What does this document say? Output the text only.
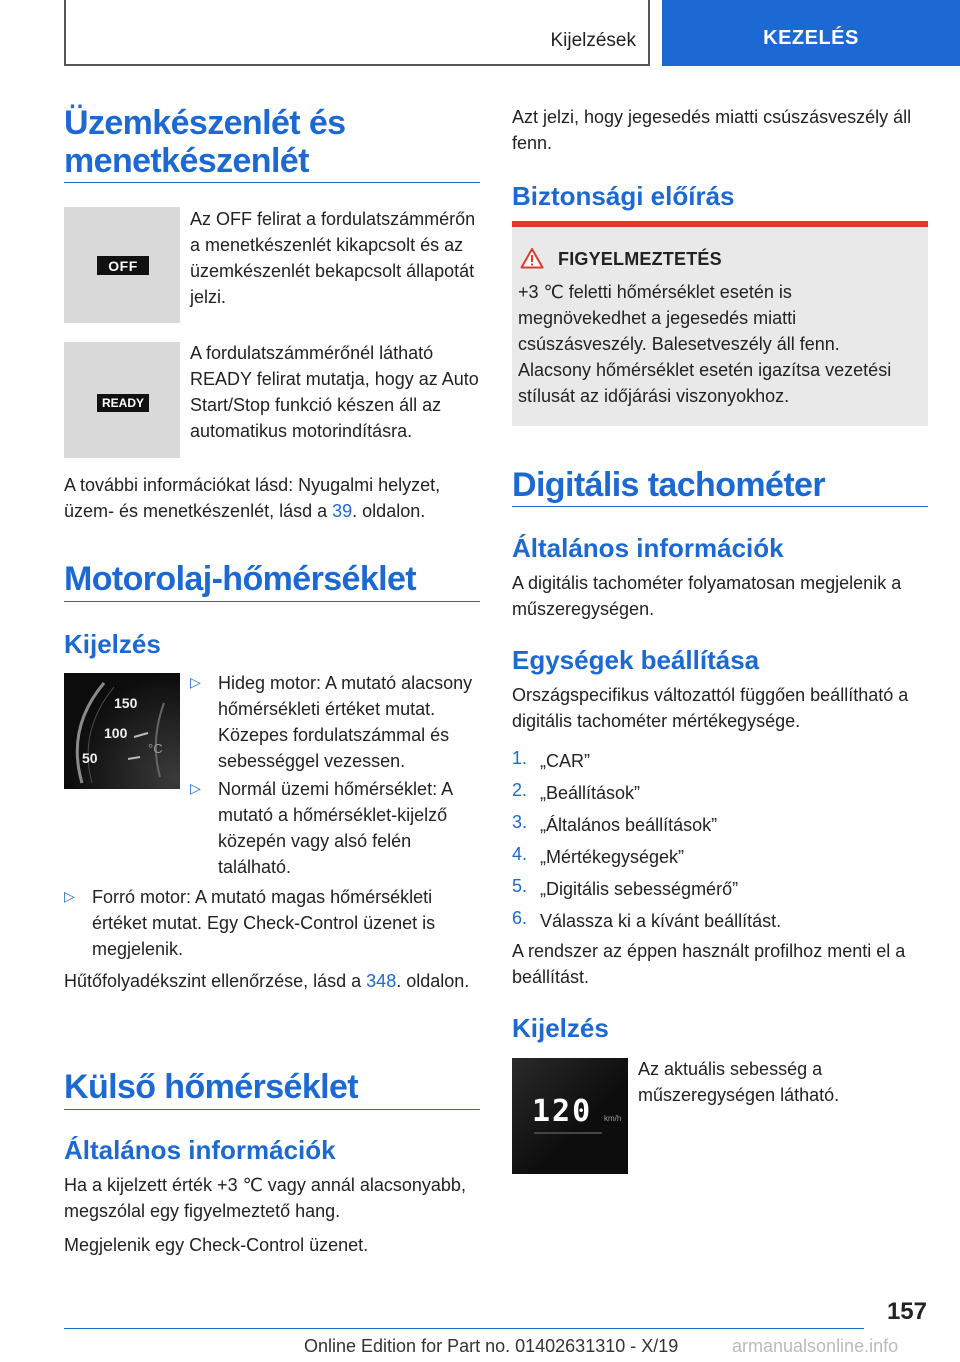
Kijelzések	KEZELÉS
Üzemkészenlét és menetkészenlét
OFF

Az OFF felirat a fordulatszámmérőn a menetkészenlét kikapcsolt és az üzemkészenlét bekapcsolt állapotát jelzi.

READY

A fordulatszámmérőnél látható READY felirat mutatja, hogy az Auto Start/Stop funkció készen áll az automatikus motorindításra.

A további információkat lásd: Nyugalmi helyzet, üzem- és menetkészenlét, lásd a 39. oldalon.

Motorolaj-hőmérséklet
Kijelzés
150
100
50
°C
▷ Hideg motor: A mutató alacsony hőmérsékleti értéket mutat. Közepes fordulatszámmal és sebességgel vezessen.
▷ Normál üzemi hőmérséklet: A mutató a hőmérséklet-kijelző közepén vagy alsó felén található.
▷ Forró motor: A mutató magas hőmérsékleti értéket mutat. Egy Check-Control üzenet is megjelenik.

Hűtőfolyadékszint ellenőrzése, lásd a 348. oldalon.

Külső hőmérséklet
Általános információk

Ha a kijelzett érték +3 ℃ vagy annál alacsonyabb, megszólal egy figyelmeztető hang.

Megjelenik egy Check-Control üzenet.

Azt jelzi, hogy jegesedés miatti csúszásveszély áll fenn.

Biztonsági előírás
FIGYELMEZTETÉS

+3 ℃ feletti hőmérséklet esetén is megnövekedhet a jegesedés miatti csúszásveszély. Balesetveszély áll fenn. Alacsony hőmérséklet esetén igazítsa vezetési stílusát az időjárási viszonyokhoz.

Digitális tachométer
Általános információk

A digitális tachométer folyamatosan megjelenik a műszeregységen.

Egységek beállítása

Országspecifikus változattól függően beállítható a digitális tachométer mértékegysége.

1. „CAR”
2. „Beállítások”
3. „Általános beállítások”
4. „Mértékegységek”
5. „Digitális sebességmérő”
6. Válassza ki a kívánt beállítást.

A rendszer az éppen használt profilhoz menti el a beállítást.

Kijelzés
120 km/h

Az aktuális sebesség a műszeregységen látható.

157
Online Edition for Part no. 01402631310 - X/19	armanualsonline.info
